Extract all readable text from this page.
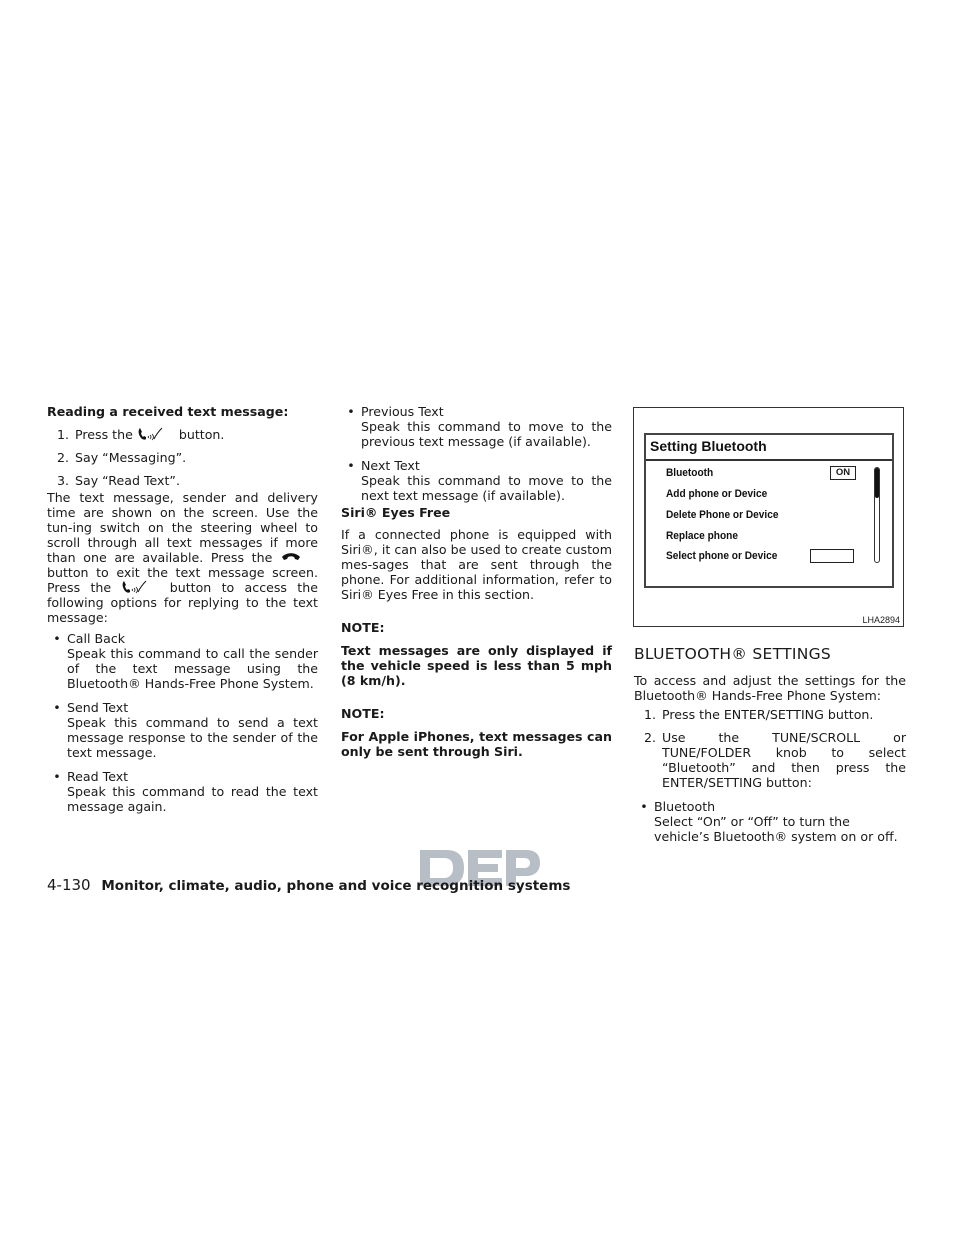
Reading a received text message:

1. Press the	button.
2. Say “Messaging”.
3. Say “Read Text”.

The text message, sender and delivery time are shown on the screen. Use the tun-ing switch on the steering wheel to scroll through all text messages if more than one are available. Press the  button to exit the text message screen. Press the	button to access the following options for replying to the text message:

• Call Back

Speak this command to call the sender of the text message using the Bluetooth® Hands-Free Phone System.

• Send Text

Speak this command to send a text message response to the sender of the text message.

• Read Text

Speak this command to read the text message again.

• Previous Text

Speak this command to move to the previous text message (if available).

• Next Text

Speak this command to move to the next text message (if available).

Siri® Eyes Free

If a connected phone is equipped with Siri®, it can also be used to create custom mes-sages that are sent through the phone. For additional information, refer to Siri® Eyes Free in this section.

NOTE:

Text messages are only displayed if the vehicle speed is less than 5 mph (8 km/h).

NOTE:

For Apple iPhones, text messages can only be sent through Siri.

Setting Bluetooth
Bluetooth
Add phone or Device
Delete Phone or Device
Replace phone
Select phone or Device
ON
LHA2894

BLUETOOTH® SETTINGS

To access and adjust the settings for the Bluetooth® Hands-Free Phone System:

1. Press the ENTER/SETTING button.
2. Use the TUNE/SCROLL or TUNE/FOLDER knob to select “Bluetooth” and then press the ENTER/SETTING button:
• Bluetooth

Select “On” or “Off” to turn the vehicle’s Bluetooth® system on or off.

4-130 Monitor, climate, audio, phone and voice recognition systems
